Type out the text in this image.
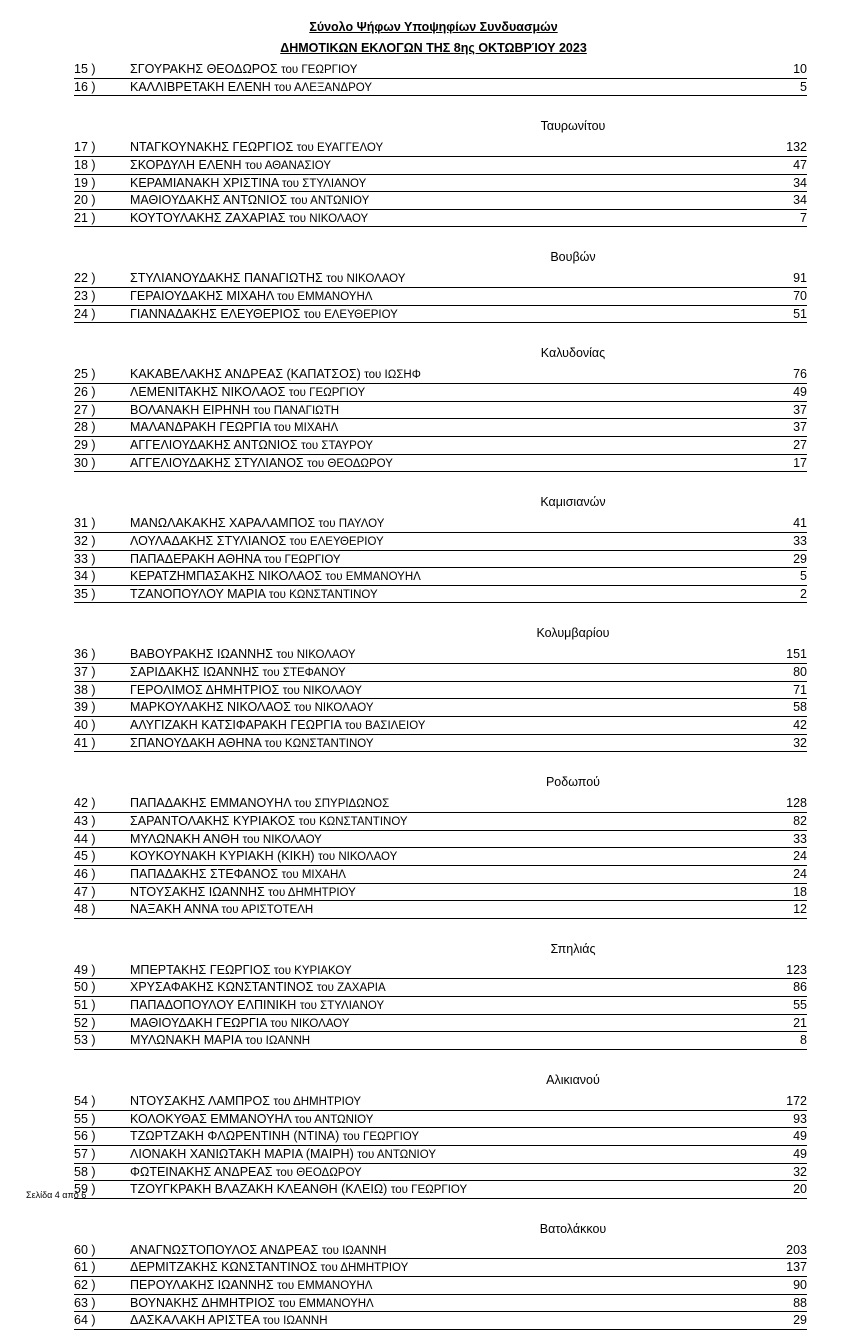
Σύνολο Ψήφων Υποψηφίων Συνδυασμών
ΔΗΜΟΤΙΚΩΝ ΕΚΛΟΓΩΝ ΤΗΣ 8ης ΟΚΤΩΒΡΊΟΥ 2023
15 )	ΣΓΟΥΡΑΚΗΣ ΘΕΟΔΩΡΟΣ του ΓΕΩΡΓΙΟΥ	10
16 )	ΚΑΛΛΙΒΡΕΤΑΚΗ ΕΛΕΝΗ του ΑΛΕΞΑΝΔΡΟΥ	5
Ταυρωνίτου
17 )	ΝΤΑΓΚΟΥΝΑΚΗΣ ΓΕΩΡΓΙΟΣ του ΕΥΑΓΓΕΛΟΥ	132
18 )	ΣΚΟΡΔΥΛΗ ΕΛΕΝΗ του ΑΘΑΝΑΣΙΟΥ	47
19 )	ΚΕΡΑΜΙΑΝΑΚΗ ΧΡΙΣΤΙΝΑ του ΣΤΥΛΙΑΝΟΥ	34
20 )	ΜΑΘΙΟΥΔΑΚΗΣ ΑΝΤΩΝΙΟΣ του ΑΝΤΩΝΙΟΥ	34
21 )	ΚΟΥΤΟΥΛΑΚΗΣ ΖΑΧΑΡΙΑΣ του ΝΙΚΟΛΑΟΥ	7
Βουβών
22 )	ΣΤΥΛΙΑΝΟΥΔΑΚΗΣ ΠΑΝΑΓΙΩΤΗΣ του ΝΙΚΟΛΑΟΥ	91
23 )	ΓΕΡΑΙΟΥΔΑΚΗΣ ΜΙΧΑΗΛ του ΕΜΜΑΝΟΥΗΛ	70
24 )	ΓΙΑΝΝΑΔΑΚΗΣ ΕΛΕΥΘΕΡΙΟΣ του ΕΛΕΥΘΕΡΙΟΥ	51
Καλυδονίας
25 )	ΚΑΚΑΒΕΛΑΚΗΣ ΑΝΔΡΕΑΣ (ΚΑΠΑΤΣΟΣ) του ΙΩΣΗΦ	76
26 )	ΛΕΜΕΝΙΤΑΚΗΣ ΝΙΚΟΛΑΟΣ του ΓΕΩΡΓΙΟΥ	49
27 )	ΒΟΛΑΝΑΚΗ ΕΙΡΗΝΗ του ΠΑΝΑΓΙΩΤΗ	37
28 )	ΜΑΛΑΝΔΡΑΚΗ ΓΕΩΡΓΙΑ του ΜΙΧΑΗΛ	37
29 )	ΑΓΓΕΛΙΟΥΔΑΚΗΣ ΑΝΤΩΝΙΟΣ του ΣΤΑΥΡΟΥ	27
30 )	ΑΓΓΕΛΙΟΥΔΑΚΗΣ ΣΤΥΛΙΑΝΟΣ του ΘΕΟΔΩΡΟΥ	17
Καμισιανών
31 )	ΜΑΝΩΛΑΚΑΚΗΣ ΧΑΡΑΛΑΜΠΟΣ του ΠΑΥΛΟΥ	41
32 )	ΛΟΥΛΑΔΑΚΗΣ ΣΤΥΛΙΑΝΟΣ του ΕΛΕΥΘΕΡΙΟΥ	33
33 )	ΠΑΠΑΔΕΡΑΚΗ ΑΘΗΝΑ του ΓΕΩΡΓΙΟΥ	29
34 )	ΚΕΡΑΤΖΗΜΠΑΣΑΚΗΣ ΝΙΚΟΛΑΟΣ του ΕΜΜΑΝΟΥΗΛ	5
35 )	ΤΖΑΝΟΠΟΥΛΟΥ ΜΑΡΙΑ του ΚΩΝΣΤΑΝΤΙΝΟΥ	2
Κολυμβαρίου
36 )	ΒΑΒΟΥΡΑΚΗΣ ΙΩΑΝΝΗΣ του ΝΙΚΟΛΑΟΥ	151
37 )	ΣΑΡΙΔΑΚΗΣ ΙΩΑΝΝΗΣ του ΣΤΕΦΑΝΟΥ	80
38 )	ΓΕΡΟΛΙΜΟΣ ΔΗΜΗΤΡΙΟΣ του ΝΙΚΟΛΑΟΥ	71
39 )	ΜΑΡΚΟΥΛΑΚΗΣ ΝΙΚΟΛΑΟΣ του ΝΙΚΟΛΑΟΥ	58
40 )	ΑΛΥΓΙΖΑΚΗ ΚΑΤΣΙΦΑΡΑΚΗ ΓΕΩΡΓΙΑ του ΒΑΣΙΛΕΙΟΥ	42
41 )	ΣΠΑΝΟΥΔΑΚΗ ΑΘΗΝΑ του ΚΩΝΣΤΑΝΤΙΝΟΥ	32
Ροδωπού
42 )	ΠΑΠΑΔΑΚΗΣ ΕΜΜΑΝΟΥΗΛ του ΣΠΥΡΙΔΩΝΟΣ	128
43 )	ΣΑΡΑΝΤΟΛΑΚΗΣ ΚΥΡΙΑΚΟΣ του ΚΩΝΣΤΑΝΤΙΝΟΥ	82
44 )	ΜΥΛΩΝΑΚΗ ΑΝΘΗ του ΝΙΚΟΛΑΟΥ	33
45 )	ΚΟΥΚΟΥΝΑΚΗ ΚΥΡΙΑΚΗ (ΚΙΚΗ) του ΝΙΚΟΛΑΟΥ	24
46 )	ΠΑΠΑΔΑΚΗΣ ΣΤΕΦΑΝΟΣ του ΜΙΧΑΗΛ	24
47 )	ΝΤΟΥΣΑΚΗΣ ΙΩΑΝΝΗΣ του ΔΗΜΗΤΡΙΟΥ	18
48 )	ΝΑΞΑΚΗ ΑΝΝΑ του ΑΡΙΣΤΟΤΕΛΗ	12
Σπηλιάς
49 )	ΜΠΕΡΤΑΚΗΣ ΓΕΩΡΓΙΟΣ του ΚΥΡΙΑΚΟΥ	123
50 )	ΧΡΥΣΑΦΑΚΗΣ ΚΩΝΣΤΑΝΤΙΝΟΣ του ΖΑΧΑΡΙΑ	86
51 )	ΠΑΠΑΔΟΠΟΥΛΟΥ ΕΛΠΙΝΙΚΗ του ΣΤΥΛΙΑΝΟΥ	55
52 )	ΜΑΘΙΟΥΔΑΚΗ ΓΕΩΡΓΙΑ του ΝΙΚΟΛΑΟΥ	21
53 )	ΜΥΛΩΝΑΚΗ ΜΑΡΙΑ του ΙΩΑΝΝΗ	8
Αλικιανού
54 )	ΝΤΟΥΣΑΚΗΣ ΛΑΜΠΡΟΣ του ΔΗΜΗΤΡΙΟΥ	172
55 )	ΚΟΛΟΚΥΘΑΣ ΕΜΜΑΝΟΥΗΛ του ΑΝΤΩΝΙΟΥ	93
56 )	ΤΖΩΡΤΖΑΚΗ ΦΛΩΡΕΝΤΙΝΗ (ΝΤΙΝΑ) του ΓΕΩΡΓΙΟΥ	49
57 )	ΛΙΟΝΑΚΗ ΧΑΝΙΩΤΑΚΗ ΜΑΡΙΑ (ΜΑΙΡΗ) του ΑΝΤΩΝΙΟΥ	49
58 )	ΦΩΤΕΙΝΑΚΗΣ ΑΝΔΡΕΑΣ του ΘΕΟΔΩΡΟΥ	32
59 )	ΤΖΟΥΓΚΡΑΚΗ ΒΛΑΖΑΚΗ ΚΛΕΑΝΘΗ (ΚΛΕΙΩ) του ΓΕΩΡΓΙΟΥ	20
Βατολάκκου
60 )	ΑΝΑΓΝΩΣΤΟΠΟΥΛΟΣ ΑΝΔΡΕΑΣ του ΙΩΑΝΝΗ	203
61 )	ΔΕΡΜΙΤΖΑΚΗΣ ΚΩΝΣΤΑΝΤΙΝΟΣ του ΔΗΜΗΤΡΙΟΥ	137
62 )	ΠΕΡΟΥΛΑΚΗΣ ΙΩΑΝΝΗΣ του ΕΜΜΑΝΟΥΗΛ	90
63 )	ΒΟΥΝΑΚΗΣ ΔΗΜΗΤΡΙΟΣ του ΕΜΜΑΝΟΥΗΛ	88
64 )	ΔΑΣΚΑΛΑΚΗ ΑΡΙΣΤΕΑ του ΙΩΑΝΝΗ	29
Σελίδα 4 από 6
